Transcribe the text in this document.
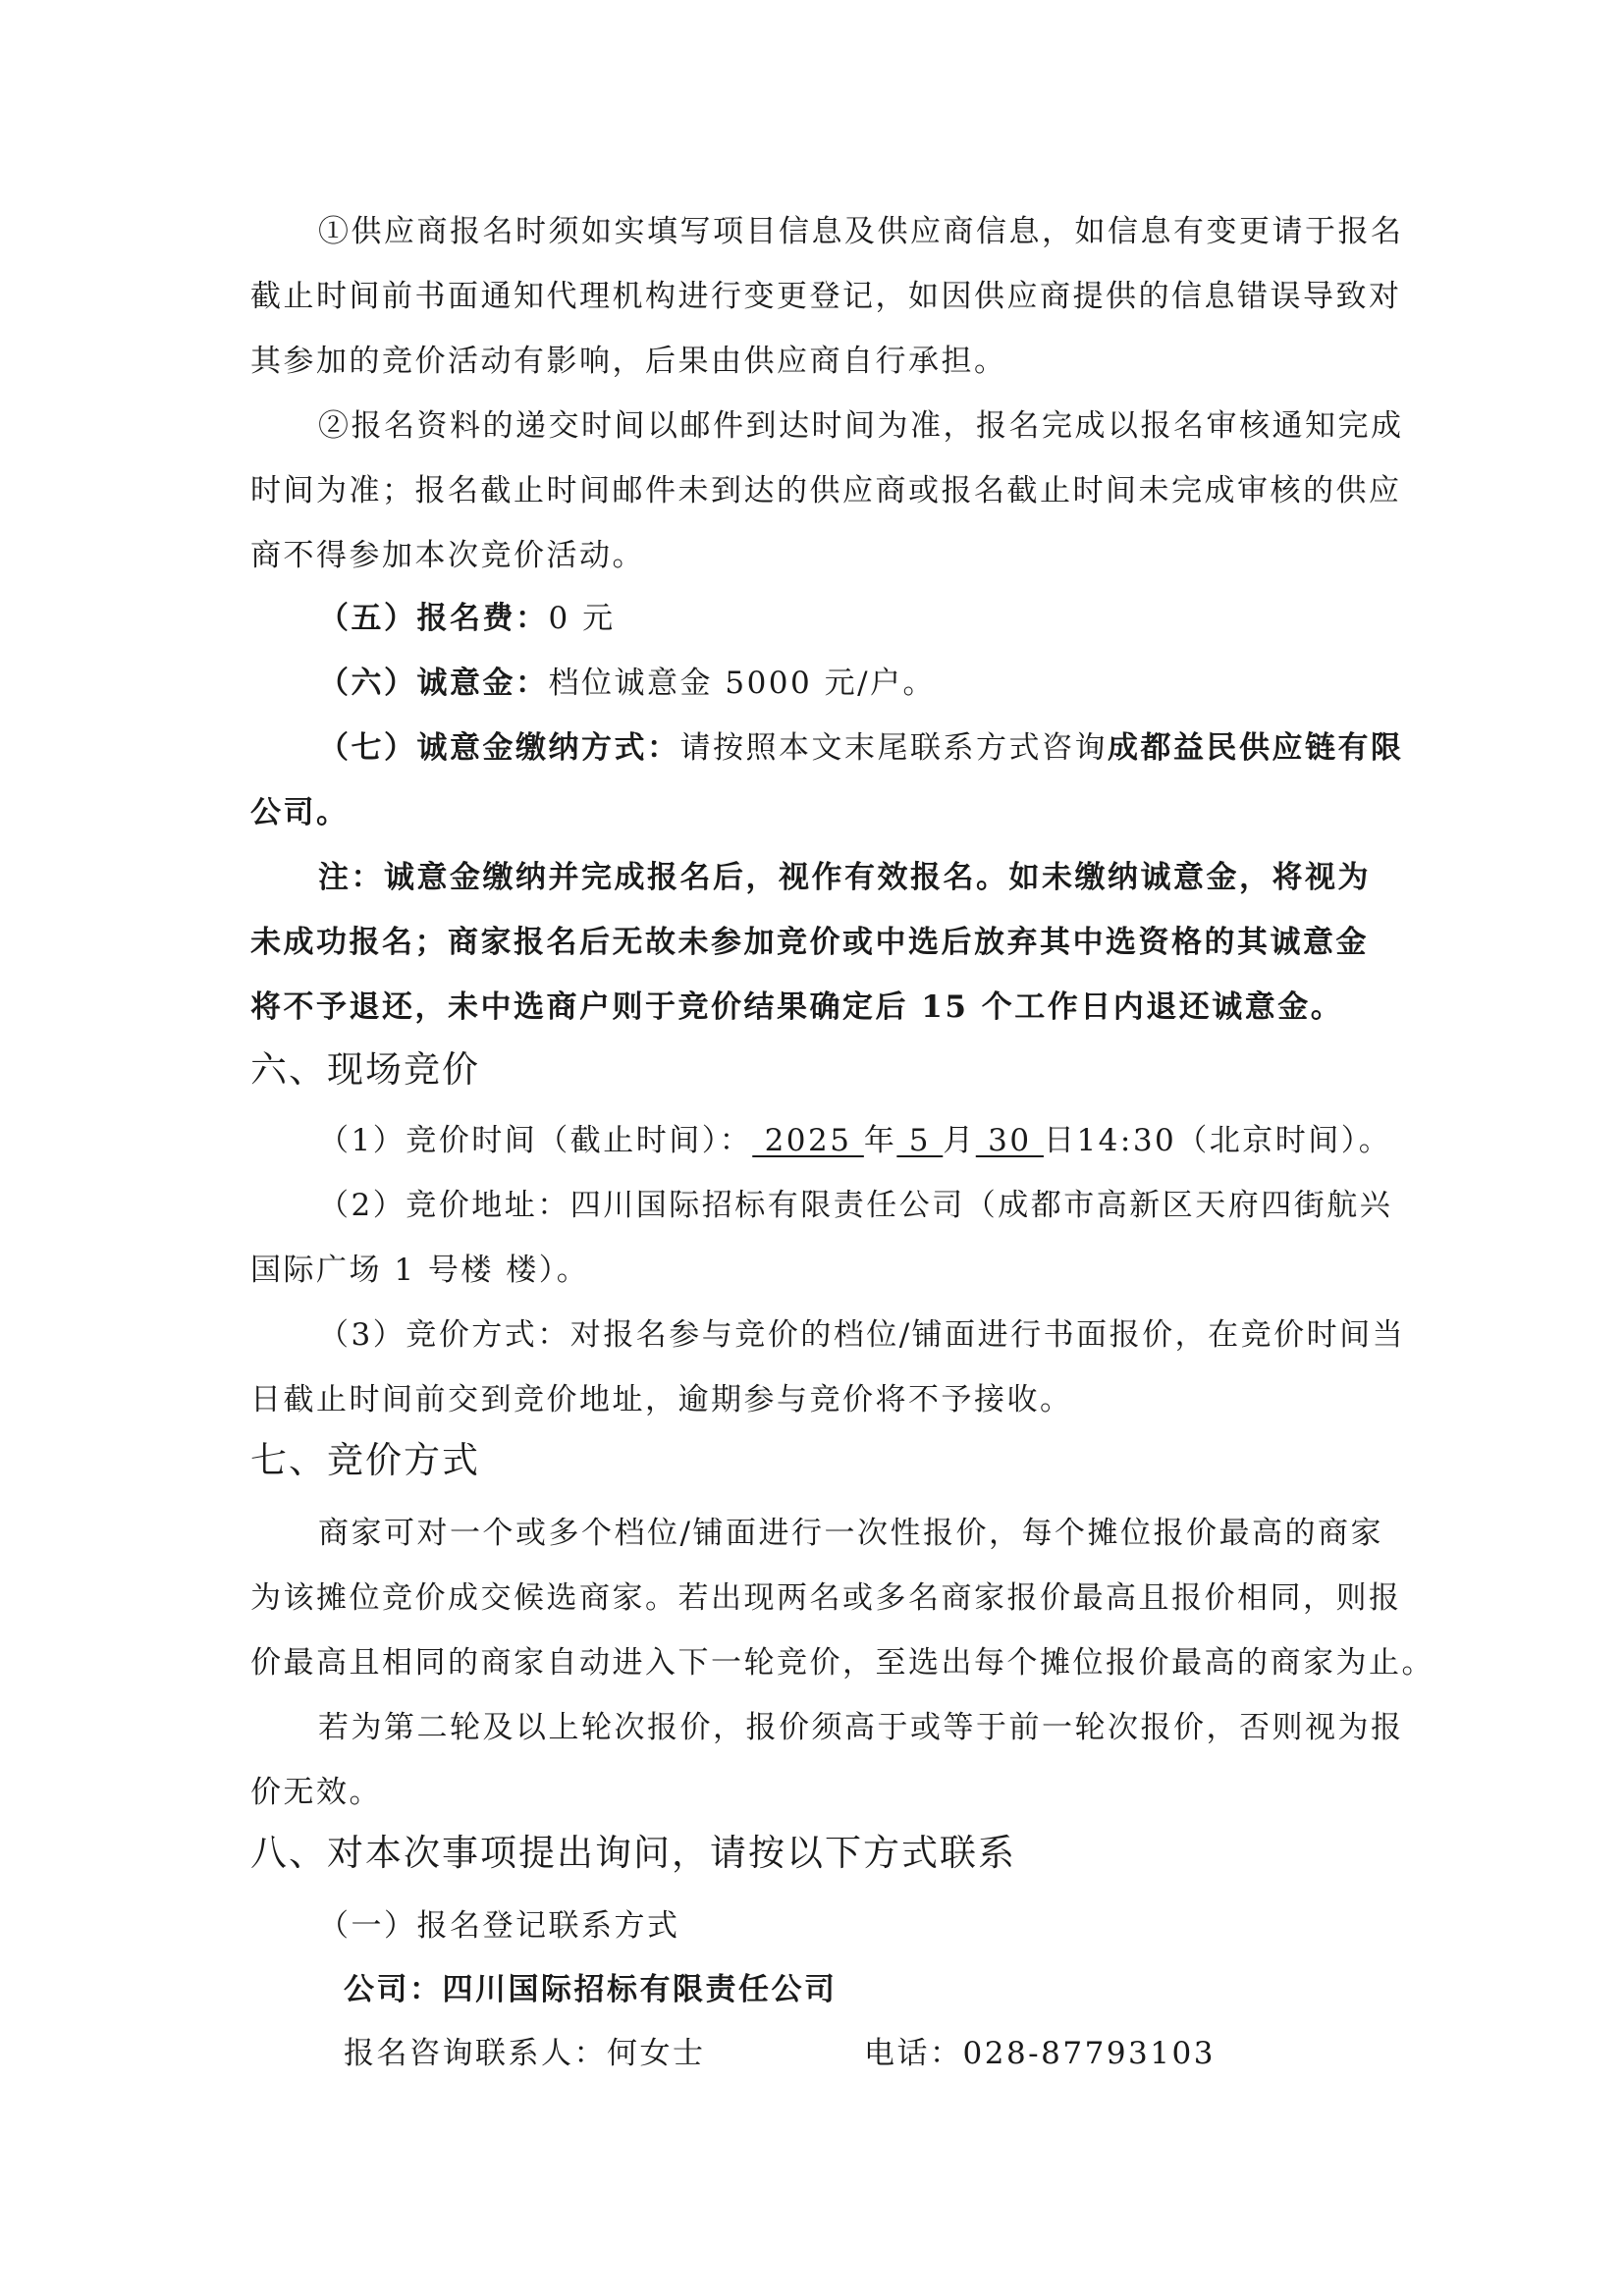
①供应商报名时须如实填写项目信息及供应商信息，如信息有变更请于报名
截止时间前书面通知代理机构进行变更登记，如因供应商提供的信息错误导致对
其参加的竞价活动有影响，后果由供应商自行承担。
②报名资料的递交时间以邮件到达时间为准，报名完成以报名审核通知完成
时间为准；报名截止时间邮件未到达的供应商或报名截止时间未完成审核的供应
商不得参加本次竞价活动。
（五）报名费：0 元
（六）诚意金：档位诚意金 5000 元/户。
（七）诚意金缴纳方式：请按照本文末尾联系方式咨询成都益民供应链有限
公司。
注：诚意金缴纳并完成报名后，视作有效报名。如未缴纳诚意金，将视为
未成功报名；商家报名后无故未参加竞价或中选后放弃其中选资格的其诚意金
将不予退还，未中选商户则于竞价结果确定后 15 个工作日内退还诚意金。
六、现场竞价
（1）竞价时间（截止时间）： 2025 年 5 月 30 日14:30（北京时间）。
（2）竞价地址：四川国际招标有限责任公司（成都市高新区天府四街航兴
国际广场 1 号楼 楼）。
（3）竞价方式：对报名参与竞价的档位/铺面进行书面报价，在竞价时间当
日截止时间前交到竞价地址，逾期参与竞价将不予接收。
七、竞价方式
商家可对一个或多个档位/铺面进行一次性报价，每个摊位报价最高的商家
为该摊位竞价成交候选商家。若出现两名或多名商家报价最高且报价相同，则报
价最高且相同的商家自动进入下一轮竞价，至选出每个摊位报价最高的商家为止。
若为第二轮及以上轮次报价，报价须高于或等于前一轮次报价，否则视为报
价无效。
八、对本次事项提出询问，请按以下方式联系
（一）报名登记联系方式
公司：四川国际招标有限责任公司
报名咨询联系人：何女士	电话：028-87793103
